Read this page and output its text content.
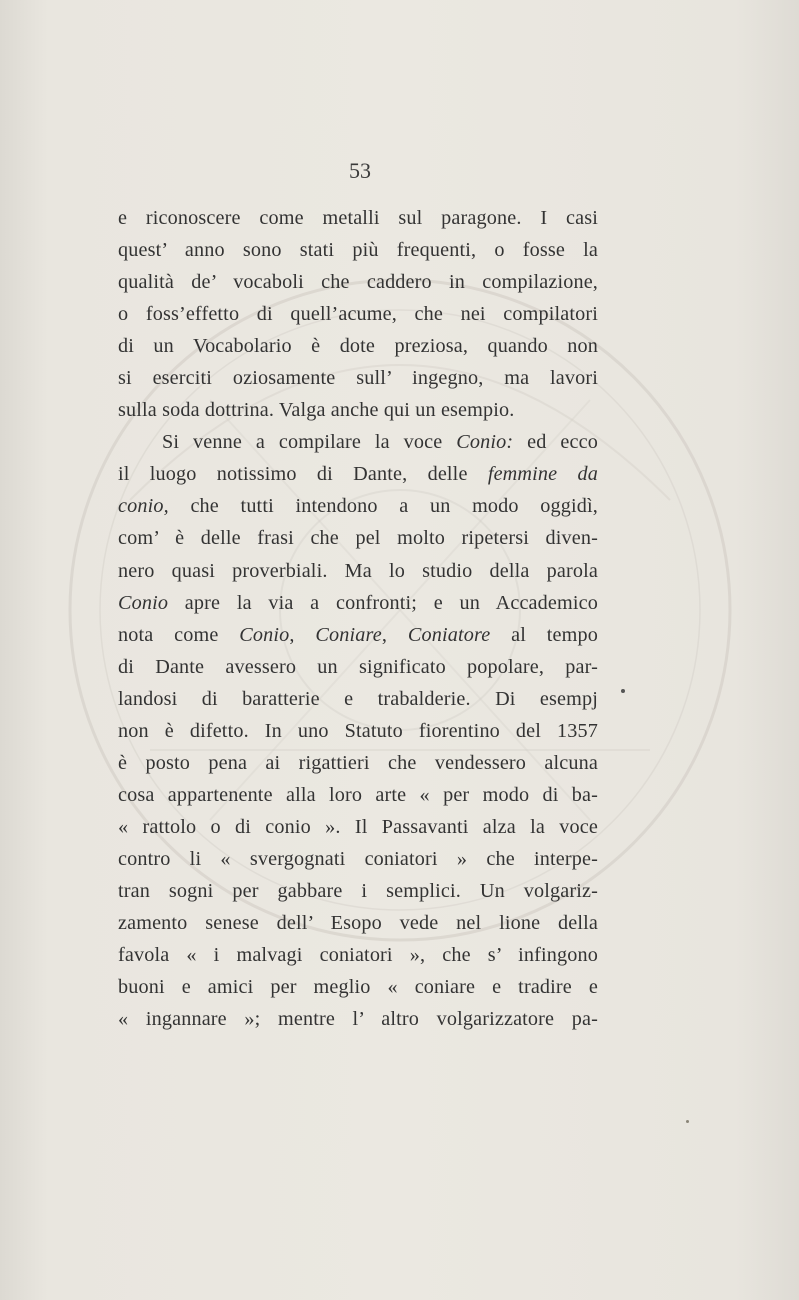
53
e riconoscere come metalli sul paragone. I casi
quest’ anno sono stati più frequenti, o fosse la
qualità de’ vocaboli che caddero in compilazione,
o foss’effetto di quell’acume, che nei compilatori
di un Vocabolario è dote preziosa, quando non
si eserciti oziosamente sull’ ingegno, ma lavori
sulla soda dottrina. Valga anche qui un esempio.
Si venne a compilare la voce Conio: ed ecco
il luogo notissimo di Dante, delle femmine da
conio, che tutti intendono a un modo oggidì,
com’ è delle frasi che pel molto ripetersi diven-
nero quasi proverbiali. Ma lo studio della parola
Conio apre la via a confronti; e un Accademico
nota come Conio, Coniare, Coniatore al tempo
di Dante avessero un significato popolare, par-
landosi di baratterie e trabalderie. Di esempj
non è difetto. In uno Statuto fiorentino del 1357
è posto pena ai rigattieri che vendessero alcuna
cosa appartenente alla loro arte « per modo di ba-
« rattolo o di conio ». Il Passavanti alza la voce
contro li « svergognati coniatori » che interpe-
tran sogni per gabbare i semplici. Un volgariz-
zamento senese dell’ Esopo vede nel lione della
favola « i malvagi coniatori », che s’ infingono
buoni e amici per meglio « coniare e tradire e
« ingannare »; mentre l’ altro volgarizzatore pa-
